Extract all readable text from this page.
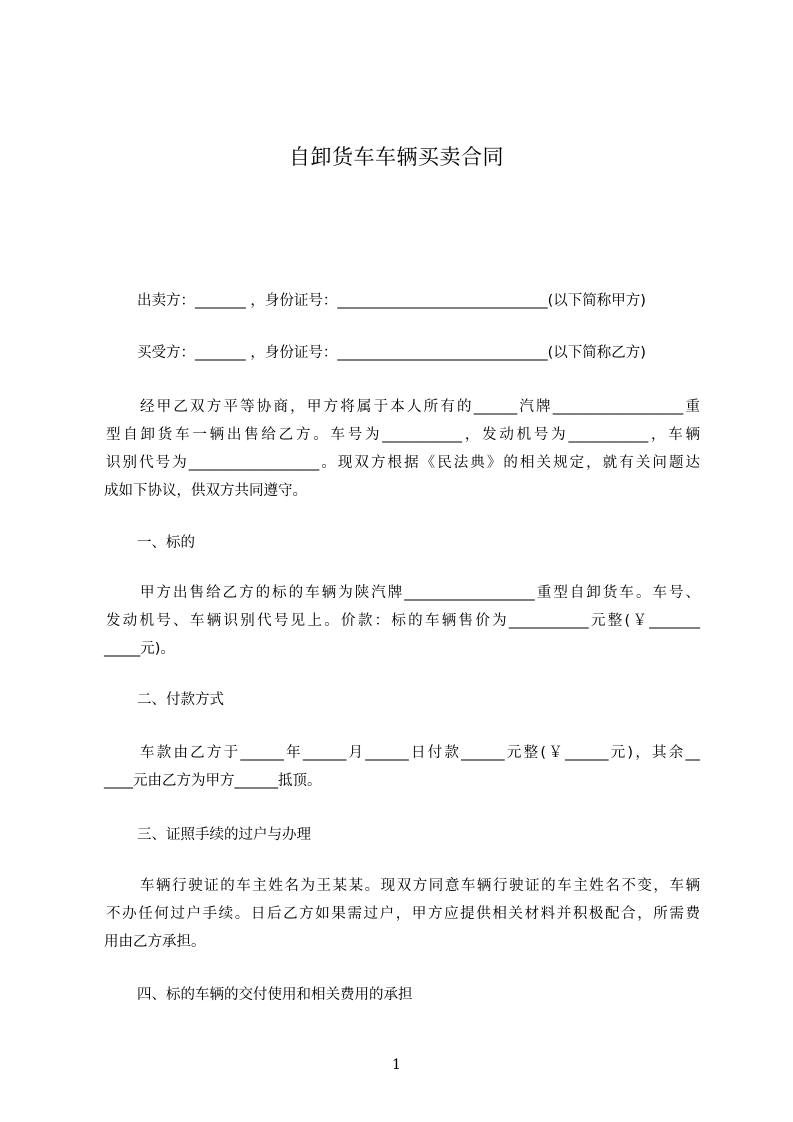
自卸货车车辆买卖合同
出卖方：_______ ，身份证号：_____________________________(以下简称甲方)
买受方：_______ ，身份证号：_____________________________(以下简称乙方)
经甲乙双方平等协商，甲方将属于本人所有的______汽牌__________________重
型自卸货车一辆出售给乙方。车号为___________，发动机号为___________，车辆
识别代号为__________________。现双方根据《民法典》的相关规定，就有关问题达
成如下协议，供双方共同遵守。
一、标的
甲方出售给乙方的标的车辆为陕汽牌__________________重型自卸货车。车号、
发动机号、车辆识别代号见上。价款：标的车辆售价为___________元整(￥_______
_____元)。
二、付款方式
车款由乙方于______年______月______日付款______元整(￥______元)，其余__
____元由乙方为甲方______抵顶。
三、证照手续的过户与办理
车辆行驶证的车主姓名为王某某。现双方同意车辆行驶证的车主姓名不变，车辆
不办任何过户手续。日后乙方如果需过户，甲方应提供相关材料并积极配合，所需费
用由乙方承担。
四、标的车辆的交付使用和相关费用的承担
1
